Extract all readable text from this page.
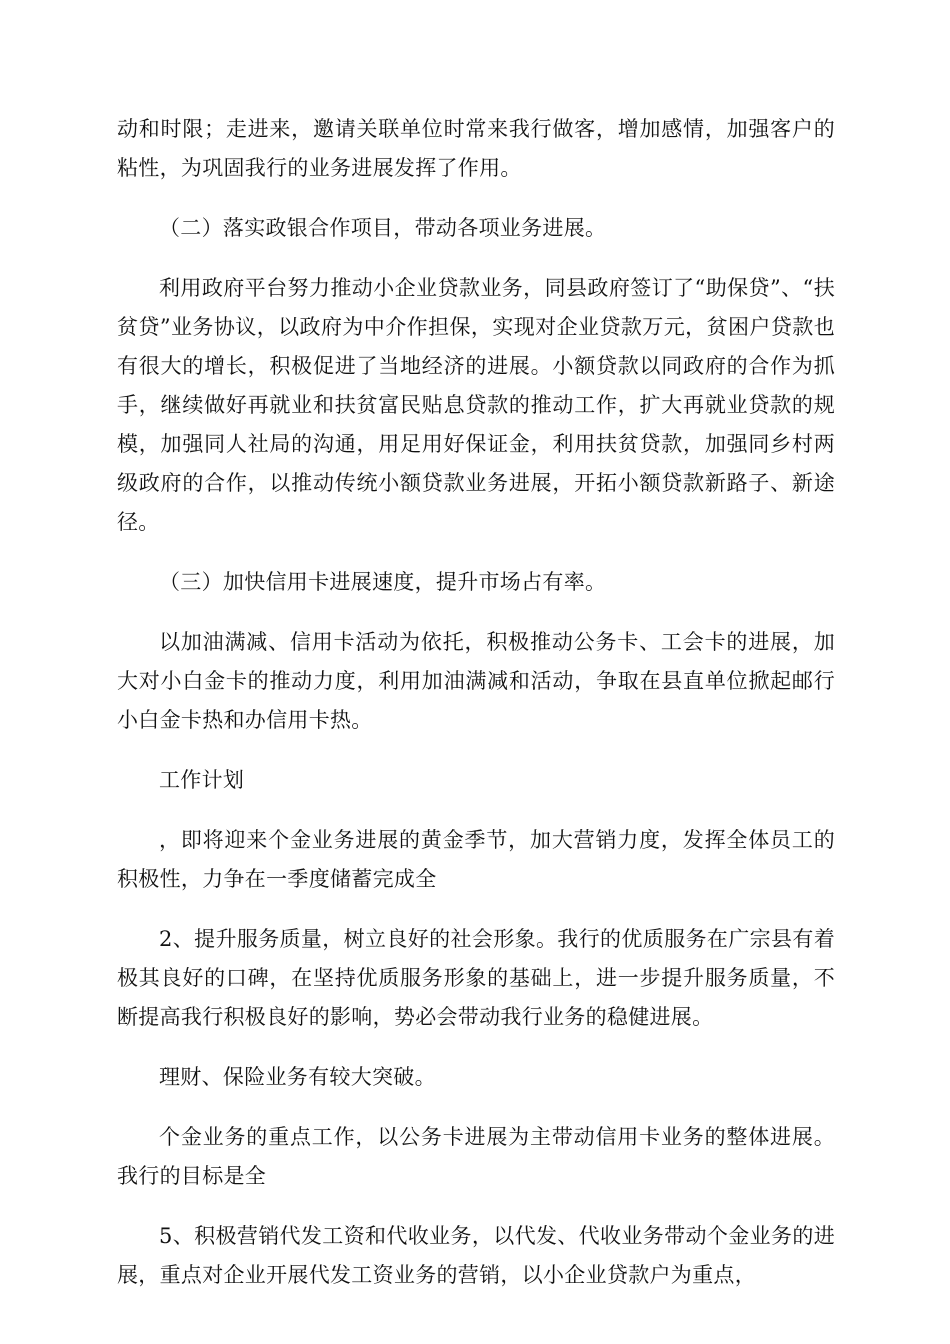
动和时限；走进来，邀请关联单位时常来我行做客，增加感情，加强客户的粘性，为巩固我行的业务进展发挥了作用。

（二）落实政银合作项目，带动各项业务进展。

利用政府平台努力推动小企业贷款业务，同县政府签订了“助保贷”、“扶贫贷”业务协议，以政府为中介作担保，实现对企业贷款万元，贫困户贷款也有很大的增长，积极促进了当地经济的进展。小额贷款以同政府的合作为抓手，继续做好再就业和扶贫富民贴息贷款的推动工作，扩大再就业贷款的规模，加强同人社局的沟通，用足用好保证金，利用扶贫贷款，加强同乡村两级政府的合作，以推动传统小额贷款业务进展，开拓小额贷款新路子、新途径。

（三）加快信用卡进展速度，提升市场占有率。

以加油满减、信用卡活动为依托，积极推动公务卡、工会卡的进展，加大对小白金卡的推动力度，利用加油满减和活动，争取在县直单位掀起邮行小白金卡热和办信用卡热。

工作计划

，即将迎来个金业务进展的黄金季节，加大营销力度，发挥全体员工的积极性，力争在一季度储蓄完成全

2、提升服务质量，树立良好的社会形象。我行的优质服务在广宗县有着极其良好的口碑，在坚持优质服务形象的基础上，进一步提升服务质量，不断提高我行积极良好的影响，势必会带动我行业务的稳健进展。

理财、保险业务有较大突破。

个金业务的重点工作，以公务卡进展为主带动信用卡业务的整体进展。我行的目标是全

5、积极营销代发工资和代收业务，以代发、代收业务带动个金业务的进展，重点对企业开展代发工资业务的营销，以小企业贷款户为重点，
